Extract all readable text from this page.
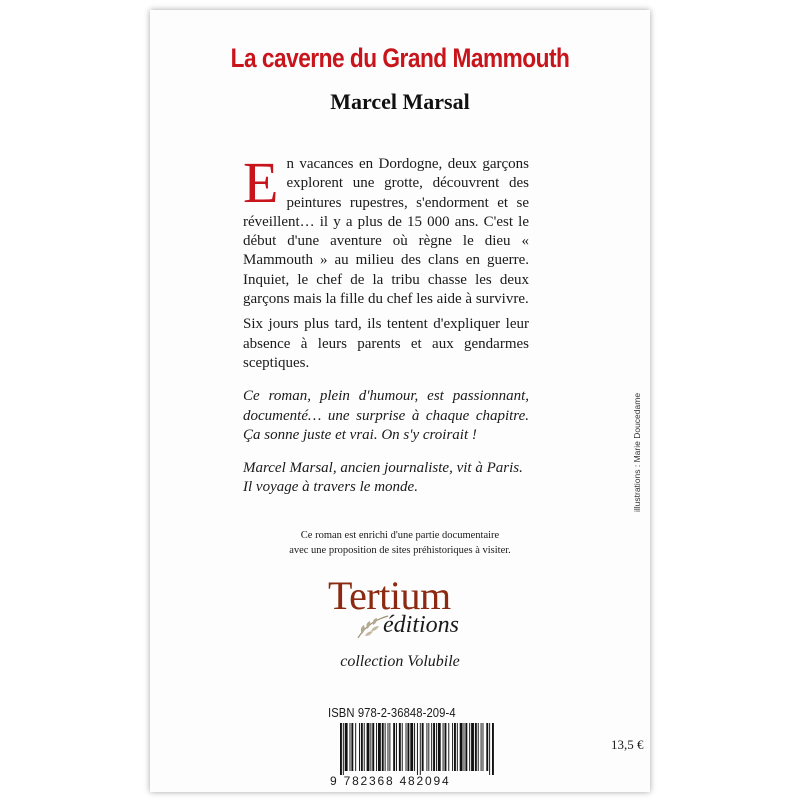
La caverne du Grand Mammouth
Marcel Marsal

En vacances en Dordogne, deux garçons explorent une grotte, découvrent des peintures rupestres, s'endorment et se réveillent… il y a plus de 15 000 ans. C'est le début d'une aventure où règne le dieu « Mammouth » au milieu des clans en guerre. Inquiet, le chef de la tribu chasse les deux garçons mais la fille du chef les aide à survivre.

Six jours plus tard, ils tentent d'expliquer leur absence à leurs parents et aux gendarmes sceptiques.

Ce roman, plein d'humour, est passionnant, documenté… une surprise à chaque chapitre. Ça sonne juste et vrai. On s'y croirait !

Marcel Marsal, ancien journaliste, vit à Paris.
Il voyage à travers le monde.

Ce roman est enrichi d'une partie documentaire
avec une proposition de sites préhistoriques à visiter.
Tertium
éditions
collection Volubile
ISBN 978-2-36848-209-4
9 782368 482094
13,5 €
illustrations : Marie Doucedame
